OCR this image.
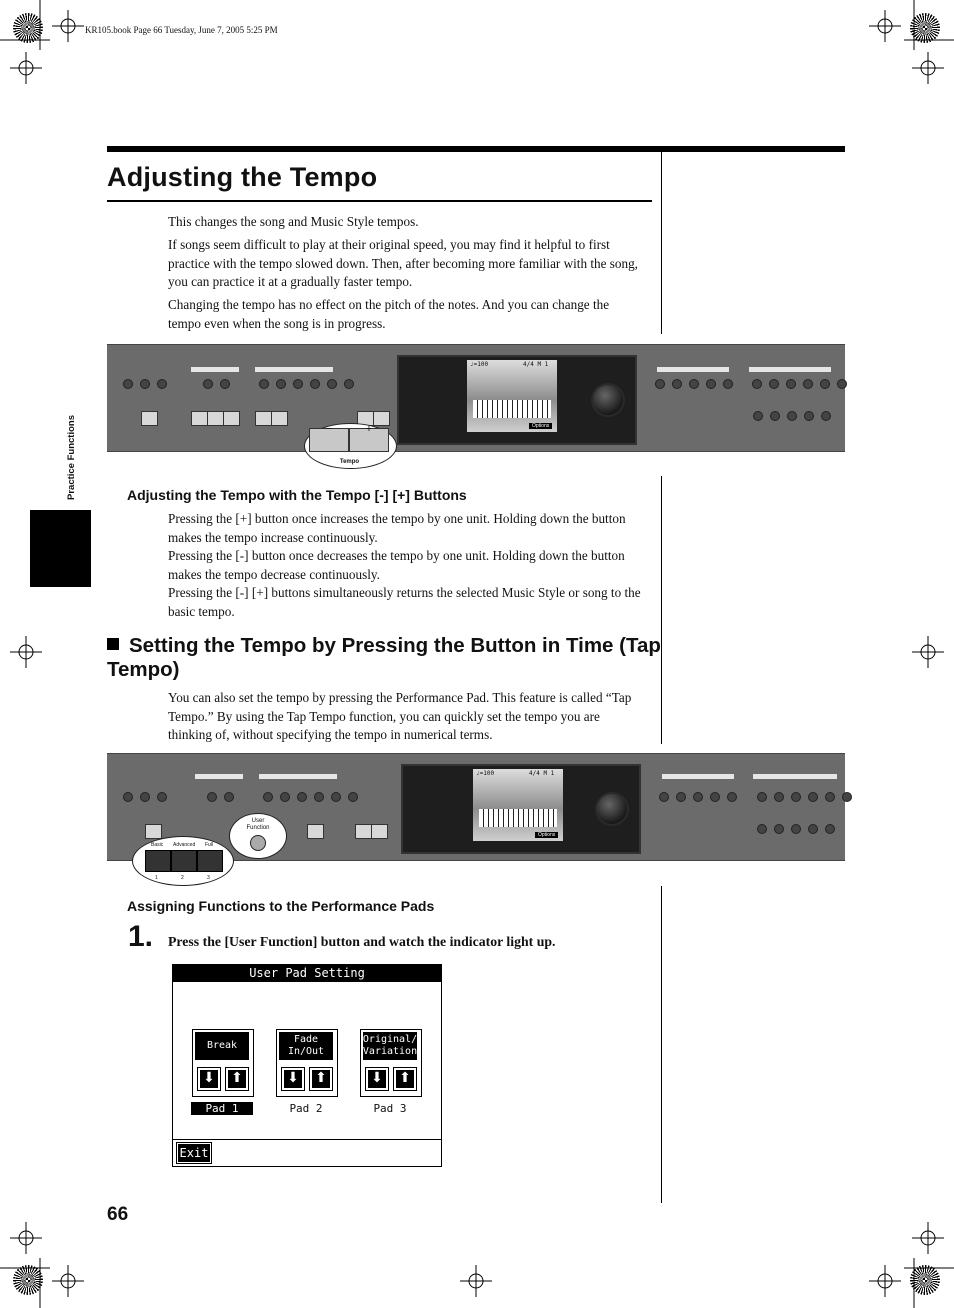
KR105.book Page 66 Tuesday, June 7, 2005 5:25 PM
Practice Functions
Adjusting the Tempo
This changes the song and Music Style tempos.
If songs seem difficult to play at their original speed, you may find it helpful to first practice with the tempo slowed down. Then, after becoming more familiar with the song, you can practice it at a gradually faster tempo.
Changing the tempo has no effect on the pitch of the notes. And you can change the tempo even when the song is in progress.
♩=100	4/4 M 1
Options
−	+
Tempo
Adjusting the Tempo with the Tempo [-] [+] Buttons
Pressing the [+] button once increases the tempo by one unit. Holding down the button makes the tempo increase continuously.
Pressing the [-] button once decreases the tempo by one unit. Holding down the button makes the tempo decrease continuously.
Pressing the [-] [+] buttons simultaneously returns the selected Music Style or song to the basic tempo.
Setting the Tempo by Pressing the Button in Time (Tap Tempo)
You can also set the tempo by pressing the Performance Pad. This feature is called “Tap Tempo.” By using the Tap Tempo function, you can quickly set the tempo you are thinking of, without specifying the tempo in numerical terms.
♩=100	4/4 M 1
Options
Basic Advanced Full
1	2	3
User
Function
Assigning Functions to the Performance Pads
1. Press the [User Function] button and watch the indicator light up.
User Pad Setting
Break
⬇	⬆
Fade In/Out
⬇	⬆
Original/
Variation
⬇	⬆
Pad 1	Pad 2	Pad 3
Exit
66
